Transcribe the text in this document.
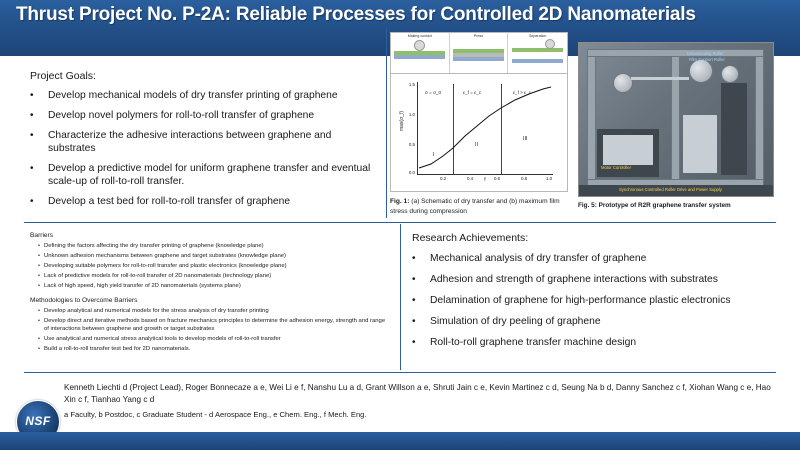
Thrust Project No. P-2A: Reliable Processes for Controlled 2D Nanomaterials
Project Goals:
•	Develop mechanical models of dry transfer printing of graphene
•	Develop novel polymers for roll-to-roll transfer of graphene
•	Characterize the adhesive interactions between graphene and substrates
•	Develop a predictive model for uniform graphene transfer and eventual scale-up of roll-to-roll transfer.
•	Develop a test bed for roll-to-roll transfer of graphene
Making contact	Press	Separation
max(σ_f)
f
1.5
1.0
0.5
0.0
0.2	0.4	0.6	0.8	1.0
I
II
III
σ = σ_0	ε_f = ε_c	ε_f > ε_c
Fig. 1: (a) Schematic of dry transfer and (b) maximum film stress during compression
Delaminating Roller
Film Support Roller
Motor Controller
Synchronous Controlled Roller Drive and Power Supply
Fig. 5: Prototype of R2R graphene transfer system
Barriers
• Defining the factors affecting the dry transfer printing of graphene (knowledge plane)
• Unknown adhesion mechanisms between graphene and target substrates (knowledge plane)
• Developing suitable polymers for roll-to-roll transfer and plastic electronics (knowledge plane)
• Lack of predictive models for roll-to-roll transfer of 2D nanomaterials (technology plane)
• Lack of high speed, high yield transfer of 2D nanomaterials (systems plane)
Methodologies to Overcome Barriers
• Develop analytical and numerical models for the stress analysis of dry transfer printing
• Develop direct and iterative methods based on fracture mechanics principles to determine the adhesion energy, strength and range of interactions between graphene and growth or target substrates
• Use analytical and numerical stress analytical tools to develop models of roll-to-roll transfer
• Build a roll-to-roll transfer test bed for 2D nanomaterials.
Research Achievements:
•	Mechanical analysis of dry transfer of graphene
•	Adhesion and strength of graphene interactions with substrates
•	Delamination of graphene for high-performance plastic electronics
•	Simulation of dry peeling of graphene
•	Roll-to-roll graphene transfer machine design
Kenneth Liechti d (Project Lead), Roger Bonnecaze a e, Wei Li e f, Nanshu Lu a d, Grant Willson a e, Shruti Jain c e, Kevin Martinez c d, Seung Na b d, Danny Sanchez c f, Xiohan Wang c e, Hao Xin c f, Tianhao Yang c d
a Faculty, b Postdoc, c Graduate Student - d Aerospace Eng., e Chem. Eng., f Mech. Eng.
NSF
